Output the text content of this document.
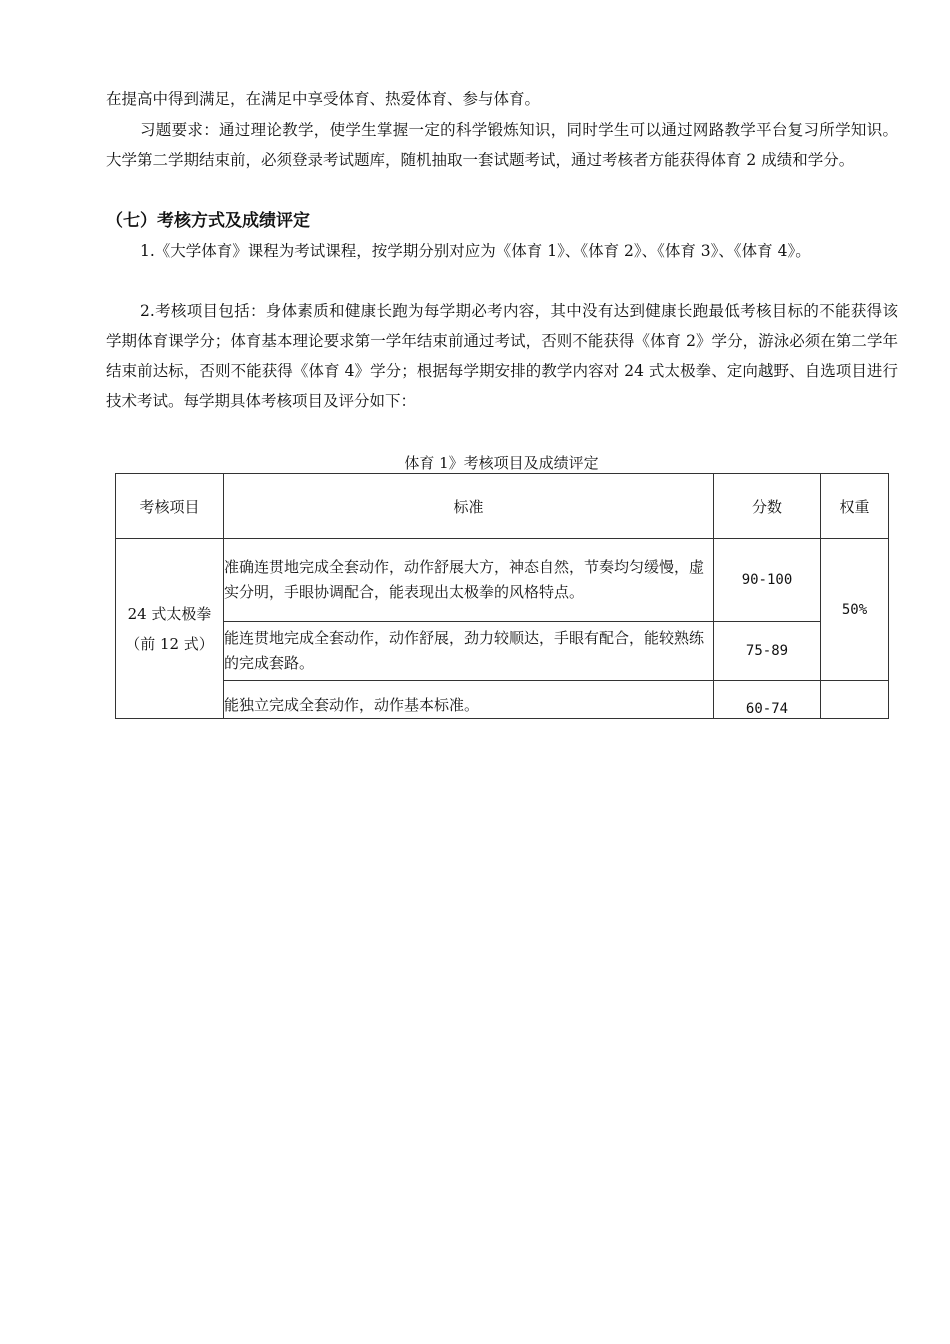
在提高中得到满足，在满足中享受体育、热爱体育、参与体育。

习题要求：通过理论教学，使学生掌握一定的科学锻炼知识，同时学生可以通过网路教学平台复习所学知识。大学第二学期结束前，必须登录考试题库，随机抽取一套试题考试，通过考核者方能获得体育 2 成绩和学分。

（七）考核方式及成绩评定

1.《大学体育》课程为考试课程，按学期分别对应为《体育 1》、《体育 2》、《体育 3》、《体育 4》。

2.考核项目包括：身体素质和健康长跑为每学期必考内容，其中没有达到健康长跑最低考核目标的不能获得该学期体育课学分；体育基本理论要求第一学年结束前通过考试，否则不能获得《体育 2》学分，游泳必须在第二学年结束前达标，否则不能获得《体育 4》学分；根据每学期安排的教学内容对 24 式太极拳、定向越野、自选项目进行技术考试。每学期具体考核项目及评分如下：

体育 1》考核项目及成绩评定
考核项目	标准	分数	权重
24 式太极拳（前 12 式）	准确连贯地完成全套动作，动作舒展大方，神态自然，节奏均匀缓慢，虚实分明，手眼协调配合，能表现出太极拳的风格特点。	90-100	50%
	能连贯地完成全套动作，动作舒展，劲力较顺达，手眼有配合，能较熟练的完成套路。	75-89	
	能独立完成全套动作，动作基本标准。	60-74	
